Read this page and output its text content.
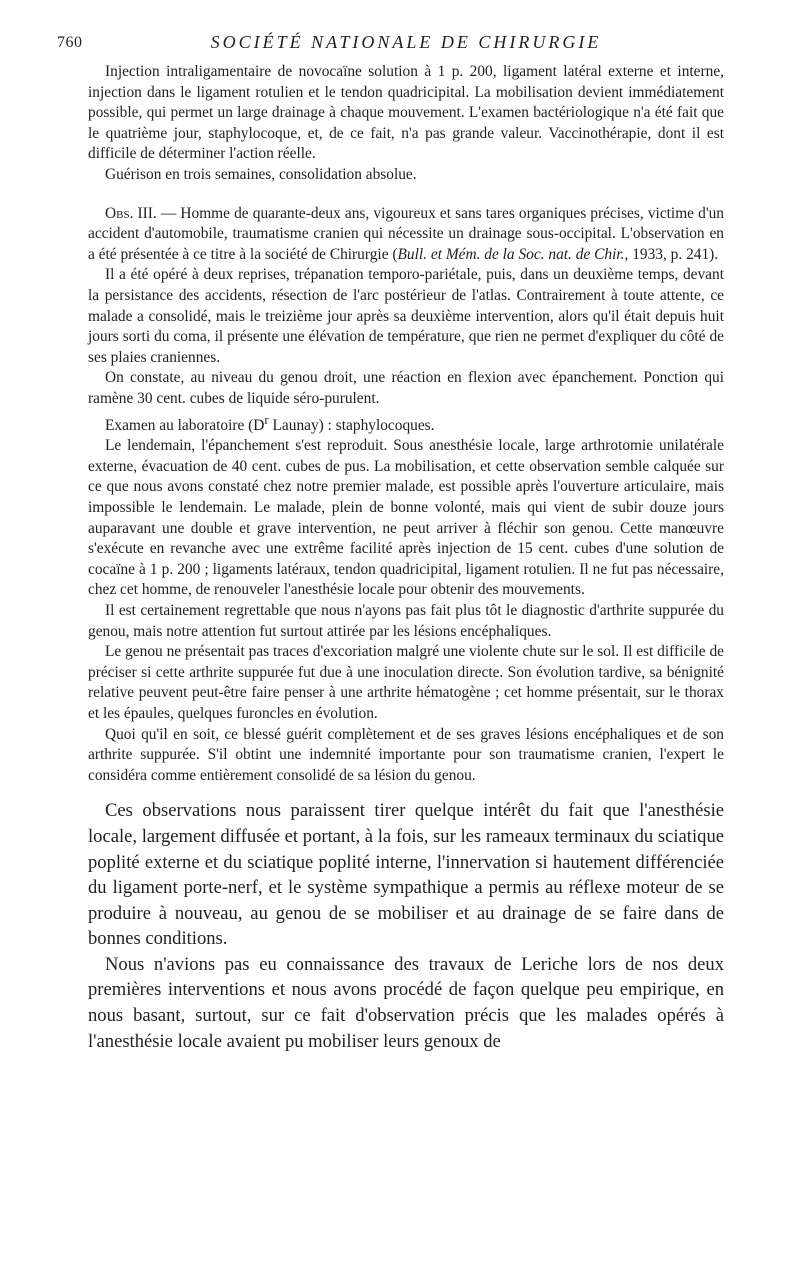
760	SOCIÉTÉ NATIONALE DE CHIRURGIE

Injection intraligamentaire de novocaïne solution à 1 p. 200, ligament latéral externe et interne, injection dans le ligament rotulien et le tendon quadricipital. La mobilisation devient immédiatement possible, qui permet un large drainage à chaque mouvement. L'examen bactériologique n'a été fait que le quatrième jour, staphylocoque, et, de ce fait, n'a pas grande valeur. Vaccinothérapie, dont il est difficile de déterminer l'action réelle.

Guérison en trois semaines, consolidation absolue.

Obs. III. — Homme de quarante-deux ans, vigoureux et sans tares organiques précises, victime d'un accident d'automobile, traumatisme cranien qui nécessite un drainage sous-occipital. L'observation en a été présentée à ce titre à la société de Chirurgie (Bull. et Mém. de la Soc. nat. de Chir., 1933, p. 241).

Il a été opéré à deux reprises, trépanation temporo-pariétale, puis, dans un deuxième temps, devant la persistance des accidents, résection de l'arc postérieur de l'atlas. Contrairement à toute attente, ce malade a consolidé, mais le treizième jour après sa deuxième intervention, alors qu'il était depuis huit jours sorti du coma, il présente une élévation de température, que rien ne permet d'expliquer du côté de ses plaies craniennes.

On constate, au niveau du genou droit, une réaction en flexion avec épanchement. Ponction qui ramène 30 cent. cubes de liquide séro-purulent.

Examen au laboratoire ($D^r$ Launay) : staphylocoques.

Le lendemain, l'épanchement s'est reproduit. Sous anesthésie locale, large arthrotomie unilatérale externe, évacuation de 40 cent. cubes de pus. La mobilisation, et cette observation semble calquée sur ce que nous avons constaté chez notre premier malade, est possible après l'ouverture articulaire, mais impossible le lendemain. Le malade, plein de bonne volonté, mais qui vient de subir douze jours auparavant une double et grave intervention, ne peut arriver à fléchir son genou. Cette manœuvre s'exécute en revanche avec une extrême facilité après injection de 15 cent. cubes d'une solution de cocaïne à 1 p. 200 ; ligaments latéraux, tendon quadricipital, ligament rotulien. Il ne fut pas nécessaire, chez cet homme, de renouveler l'anesthésie locale pour obtenir des mouvements.

Il est certainement regrettable que nous n'ayons pas fait plus tôt le diagnostic d'arthrite suppurée du genou, mais notre attention fut surtout attirée par les lésions encéphaliques.

Le genou ne présentait pas traces d'excoriation malgré une violente chute sur le sol. Il est difficile de préciser si cette arthrite suppurée fut due à une inoculation directe. Son évolution tardive, sa bénignité relative peuvent peut-être faire penser à une arthrite hématogène ; cet homme présentait, sur le thorax et les épaules, quelques furoncles en évolution.

Quoi qu'il en soit, ce blessé guérit complètement et de ses graves lésions encéphaliques et de son arthrite suppurée. S'il obtint une indemnité importante pour son traumatisme cranien, l'expert le considéra comme entièrement consolidé de sa lésion du genou.

Ces observations nous paraissent tirer quelque intérêt du fait que l'anesthésie locale, largement diffusée et portant, à la fois, sur les rameaux terminaux du sciatique poplité externe et du sciatique poplité interne, l'innervation si hautement différenciée du ligament porte-nerf, et le système sympathique a permis au réflexe moteur de se produire à nouveau, au genou de se mobiliser et au drainage de se faire dans de bonnes conditions.

Nous n'avions pas eu connaissance des travaux de Leriche lors de nos deux premières interventions et nous avons procédé de façon quelque peu empirique, en nous basant, surtout, sur ce fait d'observation précis que les malades opérés à l'anesthésie locale avaient pu mobiliser leurs genoux de
